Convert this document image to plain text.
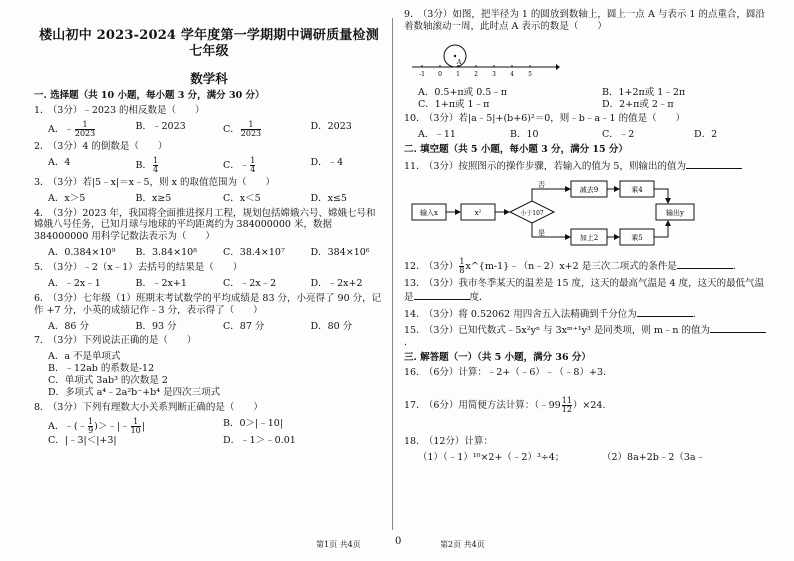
楼山初中 2023-2024 学年度第一学期期中调研质量检测七年级
数学科
一. 选择题（共 10 小题，每小题 3 分，满分 30 分）
1． （3分）﹣2023 的相反数是（　　）
A．﹣ $\frac{1}{2023}$	B．﹣2023	C． $\frac{1}{2023}$	D．2023
2． （3分）4 的倒数是（　　）
A．4	B． $\frac{1}{4}$	C．﹣ $\frac{1}{4}$	D．﹣4
3． （3分）若|5﹣x|＝x﹣5，则 x 的取值范围为（　　）
A．x＞5	B．x≥5	C．x＜5	D．x≤5
4． （3分）2023 年，我国将全面推进探月工程，规划包括嫦娥六号、嫦娥七号和嫦娥八号任务，已知月球与地球的平均距离约为 384000000 米，数据 384000000 用科学记数法表示为（　　）
A．0.384×10⁹	B．3.84×10⁸	C．38.4×10⁷	D．384×10⁶
5． （3分）﹣2（x﹣1）去括号的结果是（　　）
A．﹣2x﹣1	B．﹣2x+1	C．﹣2x﹣2	D．﹣2x+2
6． （3分）七年级（1）班期末考试数学的平均成绩是 83 分，小亮得了 90 分，记作 +7 分，小英的成绩记作﹣3 分，表示得了（　　）
A．86 分	B．93 分	C．87 分	D．80 分
7． （3分）下列说法正确的是（　　）
A．a 不是单项式
B．﹣12ab 的系数是-12
C．单项式 3ab³ 的次数是 2
D．多项式 a⁴﹣2a²b⁻+b⁴ 是四次三项式
8． （3分）下列有理数大小关系判断正确的是（　　）
A．﹣(﹣ $\frac{1}{9}$ )＞﹣|﹣ $\frac{1}{10}$ |	B．0＞|﹣10|
C．|﹣3|＜|+3|	D．﹣1＞﹣0.01
9． （3分）如图，把半径为 1 的圆放到数轴上，圆上一点 A 与表示 1 的点重合，圆沿着数轴滚动一周，此时点 A 表示的数是（　　）
-1 0 1 2 3 4 5
A
A．0.5+π或 0.5﹣π	B．1+2π或 1﹣2π
C．1+π或 1﹣π	D．2+π或 2﹣π
10． （3分）若|a﹣5|+(b+6)²＝0，则﹣b﹣a﹣1 的值是（　　）
A．﹣11	B．10	C．﹣2	D．2
二. 填空题（共 5 小题，每小题 3 分，满分 15 分）
11． （3分）按照图示的操作步骤，若输入的值为 5，则输出的值为
输入x	x²	小于107
否
是
减去9	乘4
加上2	乘5
输出y
12． （3分） $\frac{1}{8}$ x^{m-1}﹣（n﹣2）x+2 是三次二项式的条件是	．
13． （3分）我市冬季某天的温差是 15 度，这天的最高气温是 4 度，这天的最低气温是	度．
14． （3分）将 0.52062 用四舍五入法精确到千分位为	．
15． （3分）已知代数式﹣5x²yⁿ 与 3xᵐ⁺¹y³ 是同类项，则 m﹣n 的值为．
三. 解答题（一）（共 5 小题，满分 36 分）
16． （6分）计算：﹣2+（﹣6）﹣（﹣8）+3.
17． （6分）用简便方法计算：（﹣99 $\frac{11}{12} )\times 24$.
18． （12分）计算：
（1）（﹣1）¹⁰×2+（﹣2）³÷4；	（2）8a+2b﹣2（3a﹣
第1页 共4页	0	第2页 共4页
